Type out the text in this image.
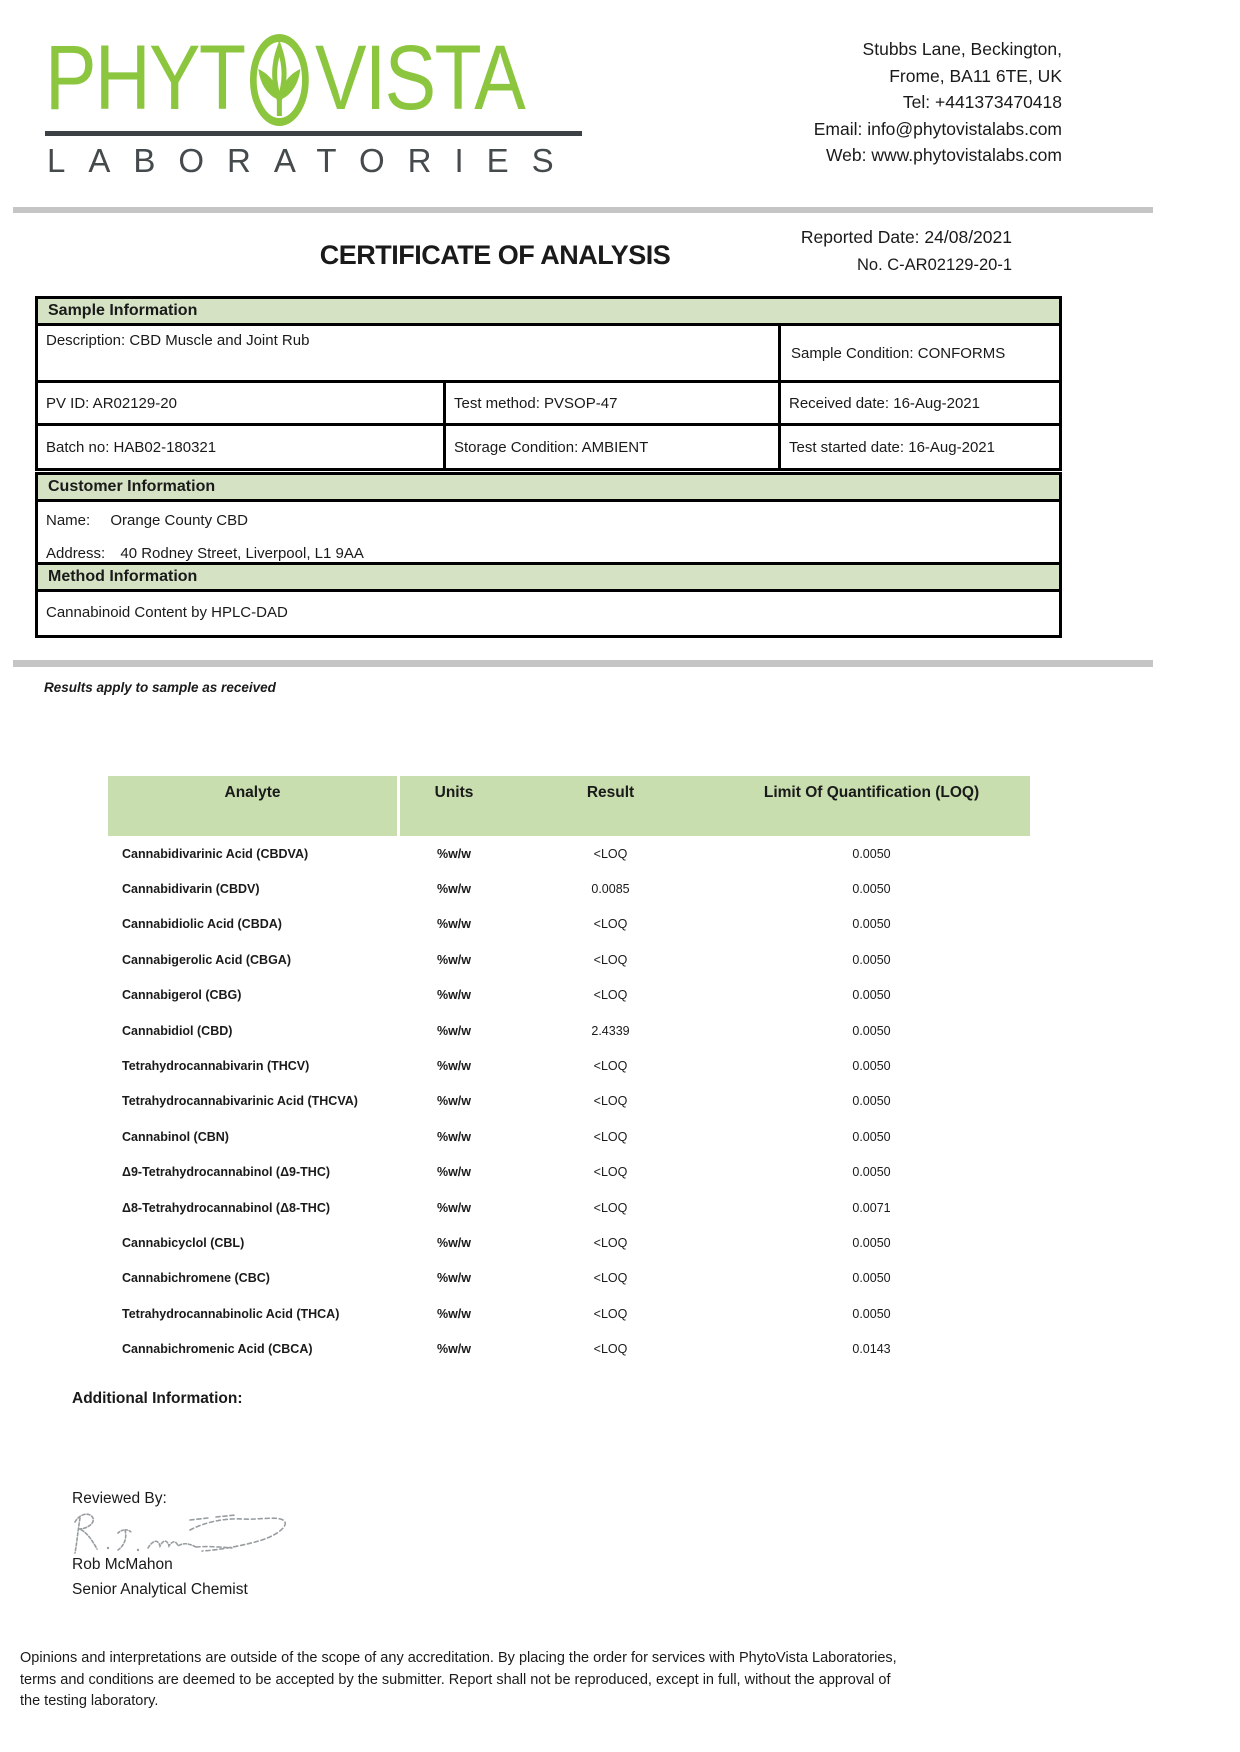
PHYT VISTA
LABORATORIES
Stubbs Lane, Beckington,
Frome, BA11 6TE, UK
Tel: +441373470418
Email: info@phytovistalabs.com
Web: www.phytovistalabs.com
Reported Date: 24/08/2021
No. C-AR02129-20-1
CERTIFICATE OF ANALYSIS
Sample Information
Description: CBD Muscle and Joint Rub
Sample Condition: CONFORMS
PV ID: AR02129-20	Test method: PVSOP-47	Received date: 16-Aug-2021
Batch no: HAB02-180321	Storage Condition: AMBIENT	Test started date: 16-Aug-2021
Customer Information
Name: Orange County CBD
Address: 40 Rodney Street, Liverpool, L1 9AA
Method Information
Cannabinoid Content by HPLC-DAD
Results apply to sample as received
Analyte	Units	Result	Limit Of Quantification (LOQ)
Cannabidivarinic Acid (CBDVA)	%w/w	<LOQ	0.0050
Cannabidivarin (CBDV)	%w/w	0.0085	0.0050
Cannabidiolic Acid (CBDA)	%w/w	<LOQ	0.0050
Cannabigerolic Acid (CBGA)	%w/w	<LOQ	0.0050
Cannabigerol (CBG)	%w/w	<LOQ	0.0050
Cannabidiol (CBD)	%w/w	2.4339	0.0050
Tetrahydrocannabivarin (THCV)	%w/w	<LOQ	0.0050
Tetrahydrocannabivarinic Acid (THCVA)	%w/w	<LOQ	0.0050
Cannabinol (CBN)	%w/w	<LOQ	0.0050
Δ9-Tetrahydrocannabinol (Δ9-THC)	%w/w	<LOQ	0.0050
Δ8-Tetrahydrocannabinol (Δ8-THC)	%w/w	<LOQ	0.0071
Cannabicyclol (CBL)	%w/w	<LOQ	0.0050
Cannabichromene (CBC)	%w/w	<LOQ	0.0050
Tetrahydrocannabinolic Acid (THCA)	%w/w	<LOQ	0.0050
Cannabichromenic Acid (CBCA)	%w/w	<LOQ	0.0143
Additional Information:
Reviewed By:
Rob McMahon
Senior Analytical Chemist
Opinions and interpretations are outside of the scope of any accreditation. By placing the order for services with PhytoVista Laboratories,
terms and conditions are deemed to be accepted by the submitter. Report shall not be reproduced, except in full, without the approval of
the testing laboratory.
